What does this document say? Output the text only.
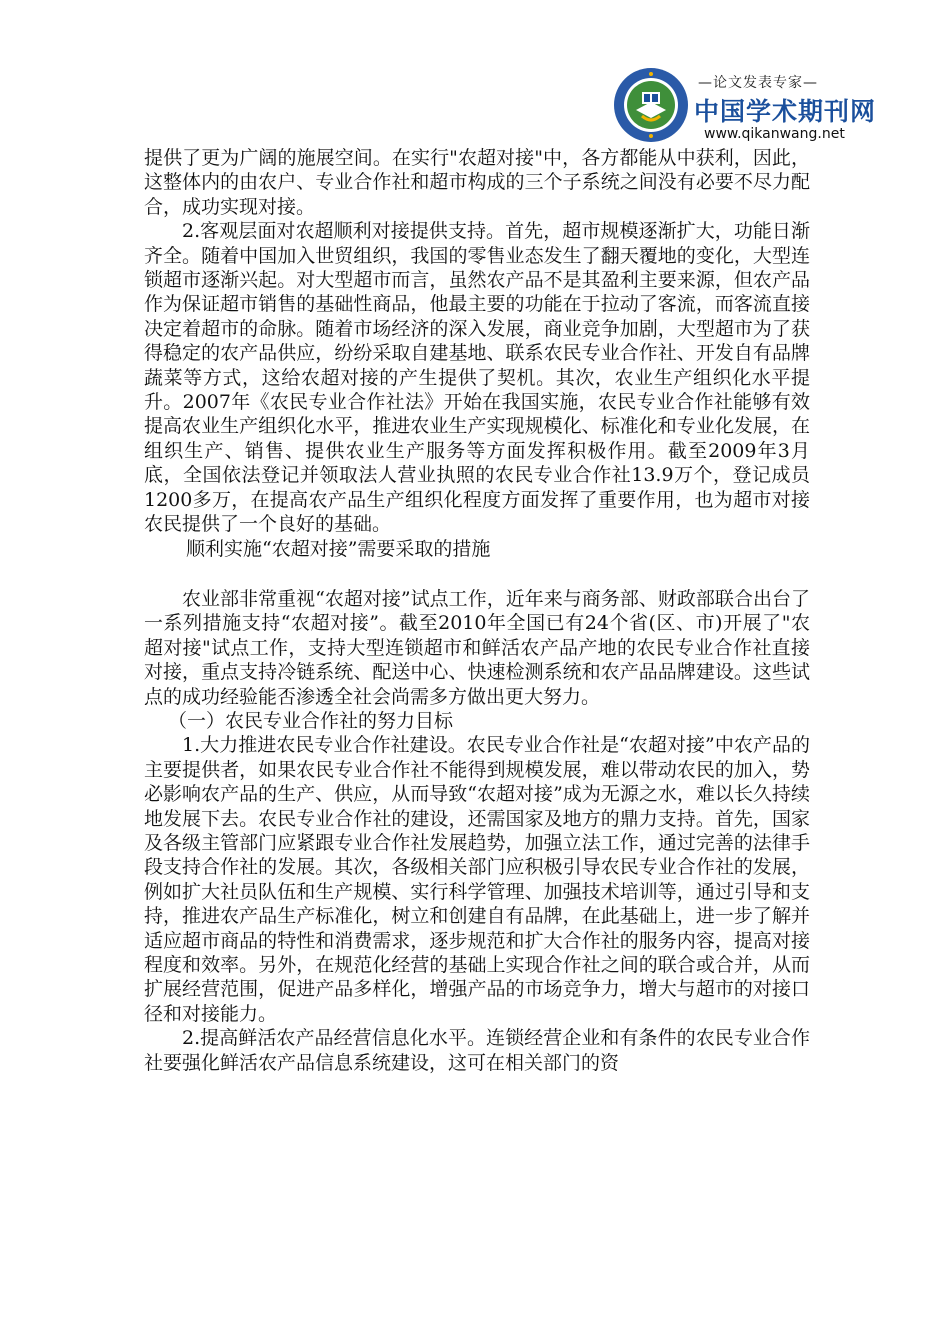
—论文发表专家—
中国学术期刊网
www.qikanwang.net

提供了更为广阔的施展空间。在实行"农超对接"中，各方都能从中获利，因此，这整体内的由农户、专业合作社和超市构成的三个子系统之间没有必要不尽力配合，成功实现对接。

2.客观层面对农超顺利对接提供支持。首先，超市规模逐渐扩大，功能日渐齐全。随着中国加入世贸组织，我国的零售业态发生了翻天覆地的变化，大型连锁超市逐渐兴起。对大型超市而言，虽然农产品不是其盈利主要来源，但农产品作为保证超市销售的基础性商品，他最主要的功能在于拉动了客流，而客流直接决定着超市的命脉。随着市场经济的深入发展，商业竞争加剧，大型超市为了获得稳定的农产品供应，纷纷采取自建基地、联系农民专业合作社、开发自有品牌蔬菜等方式，这给农超对接的产生提供了契机。其次，农业生产组织化水平提升。2007年《农民专业合作社法》开始在我国实施，农民专业合作社能够有效提高农业生产组织化水平，推进农业生产实现规模化、标准化和专业化发展，在组织生产、销售、提供农业生产服务等方面发挥积极作用。截至2009年3月底，全国依法登记并领取法人营业执照的农民专业合作社13.9万个，登记成员1200多万，在提高农产品生产组织化程度方面发挥了重要作用，也为超市对接农民提供了一个良好的基础。

顺利实施“农超对接”需要采取的措施

农业部非常重视“农超对接”试点工作，近年来与商务部、财政部联合出台了一系列措施支持“农超对接”。截至2010年全国已有24个省(区、市)开展了"农超对接"试点工作，支持大型连锁超市和鲜活农产品产地的农民专业合作社直接对接，重点支持冷链系统、配送中心、快速检测系统和农产品品牌建设。这些试点的成功经验能否渗透全社会尚需多方做出更大努力。

（一）农民专业合作社的努力目标

1.大力推进农民专业合作社建设。农民专业合作社是“农超对接”中农产品的主要提供者，如果农民专业合作社不能得到规模发展，难以带动农民的加入，势必影响农产品的生产、供应，从而导致“农超对接”成为无源之水，难以长久持续地发展下去。农民专业合作社的建设，还需国家及地方的鼎力支持。首先，国家及各级主管部门应紧跟专业合作社发展趋势，加强立法工作，通过完善的法律手段支持合作社的发展。其次，各级相关部门应积极引导农民专业合作社的发展，例如扩大社员队伍和生产规模、实行科学管理、加强技术培训等，通过引导和支持，推进农产品生产标准化，树立和创建自有品牌，在此基础上，进一步了解并适应超市商品的特性和消费需求，逐步规范和扩大合作社的服务内容，提高对接程度和效率。另外，在规范化经营的基础上实现合作社之间的联合或合并，从而扩展经营范围，促进产品多样化，增强产品的市场竞争力，增大与超市的对接口径和对接能力。

2.提高鲜活农产品经营信息化水平。连锁经营企业和有条件的农民专业合作社要强化鲜活农产品信息系统建设，这可在相关部门的资
